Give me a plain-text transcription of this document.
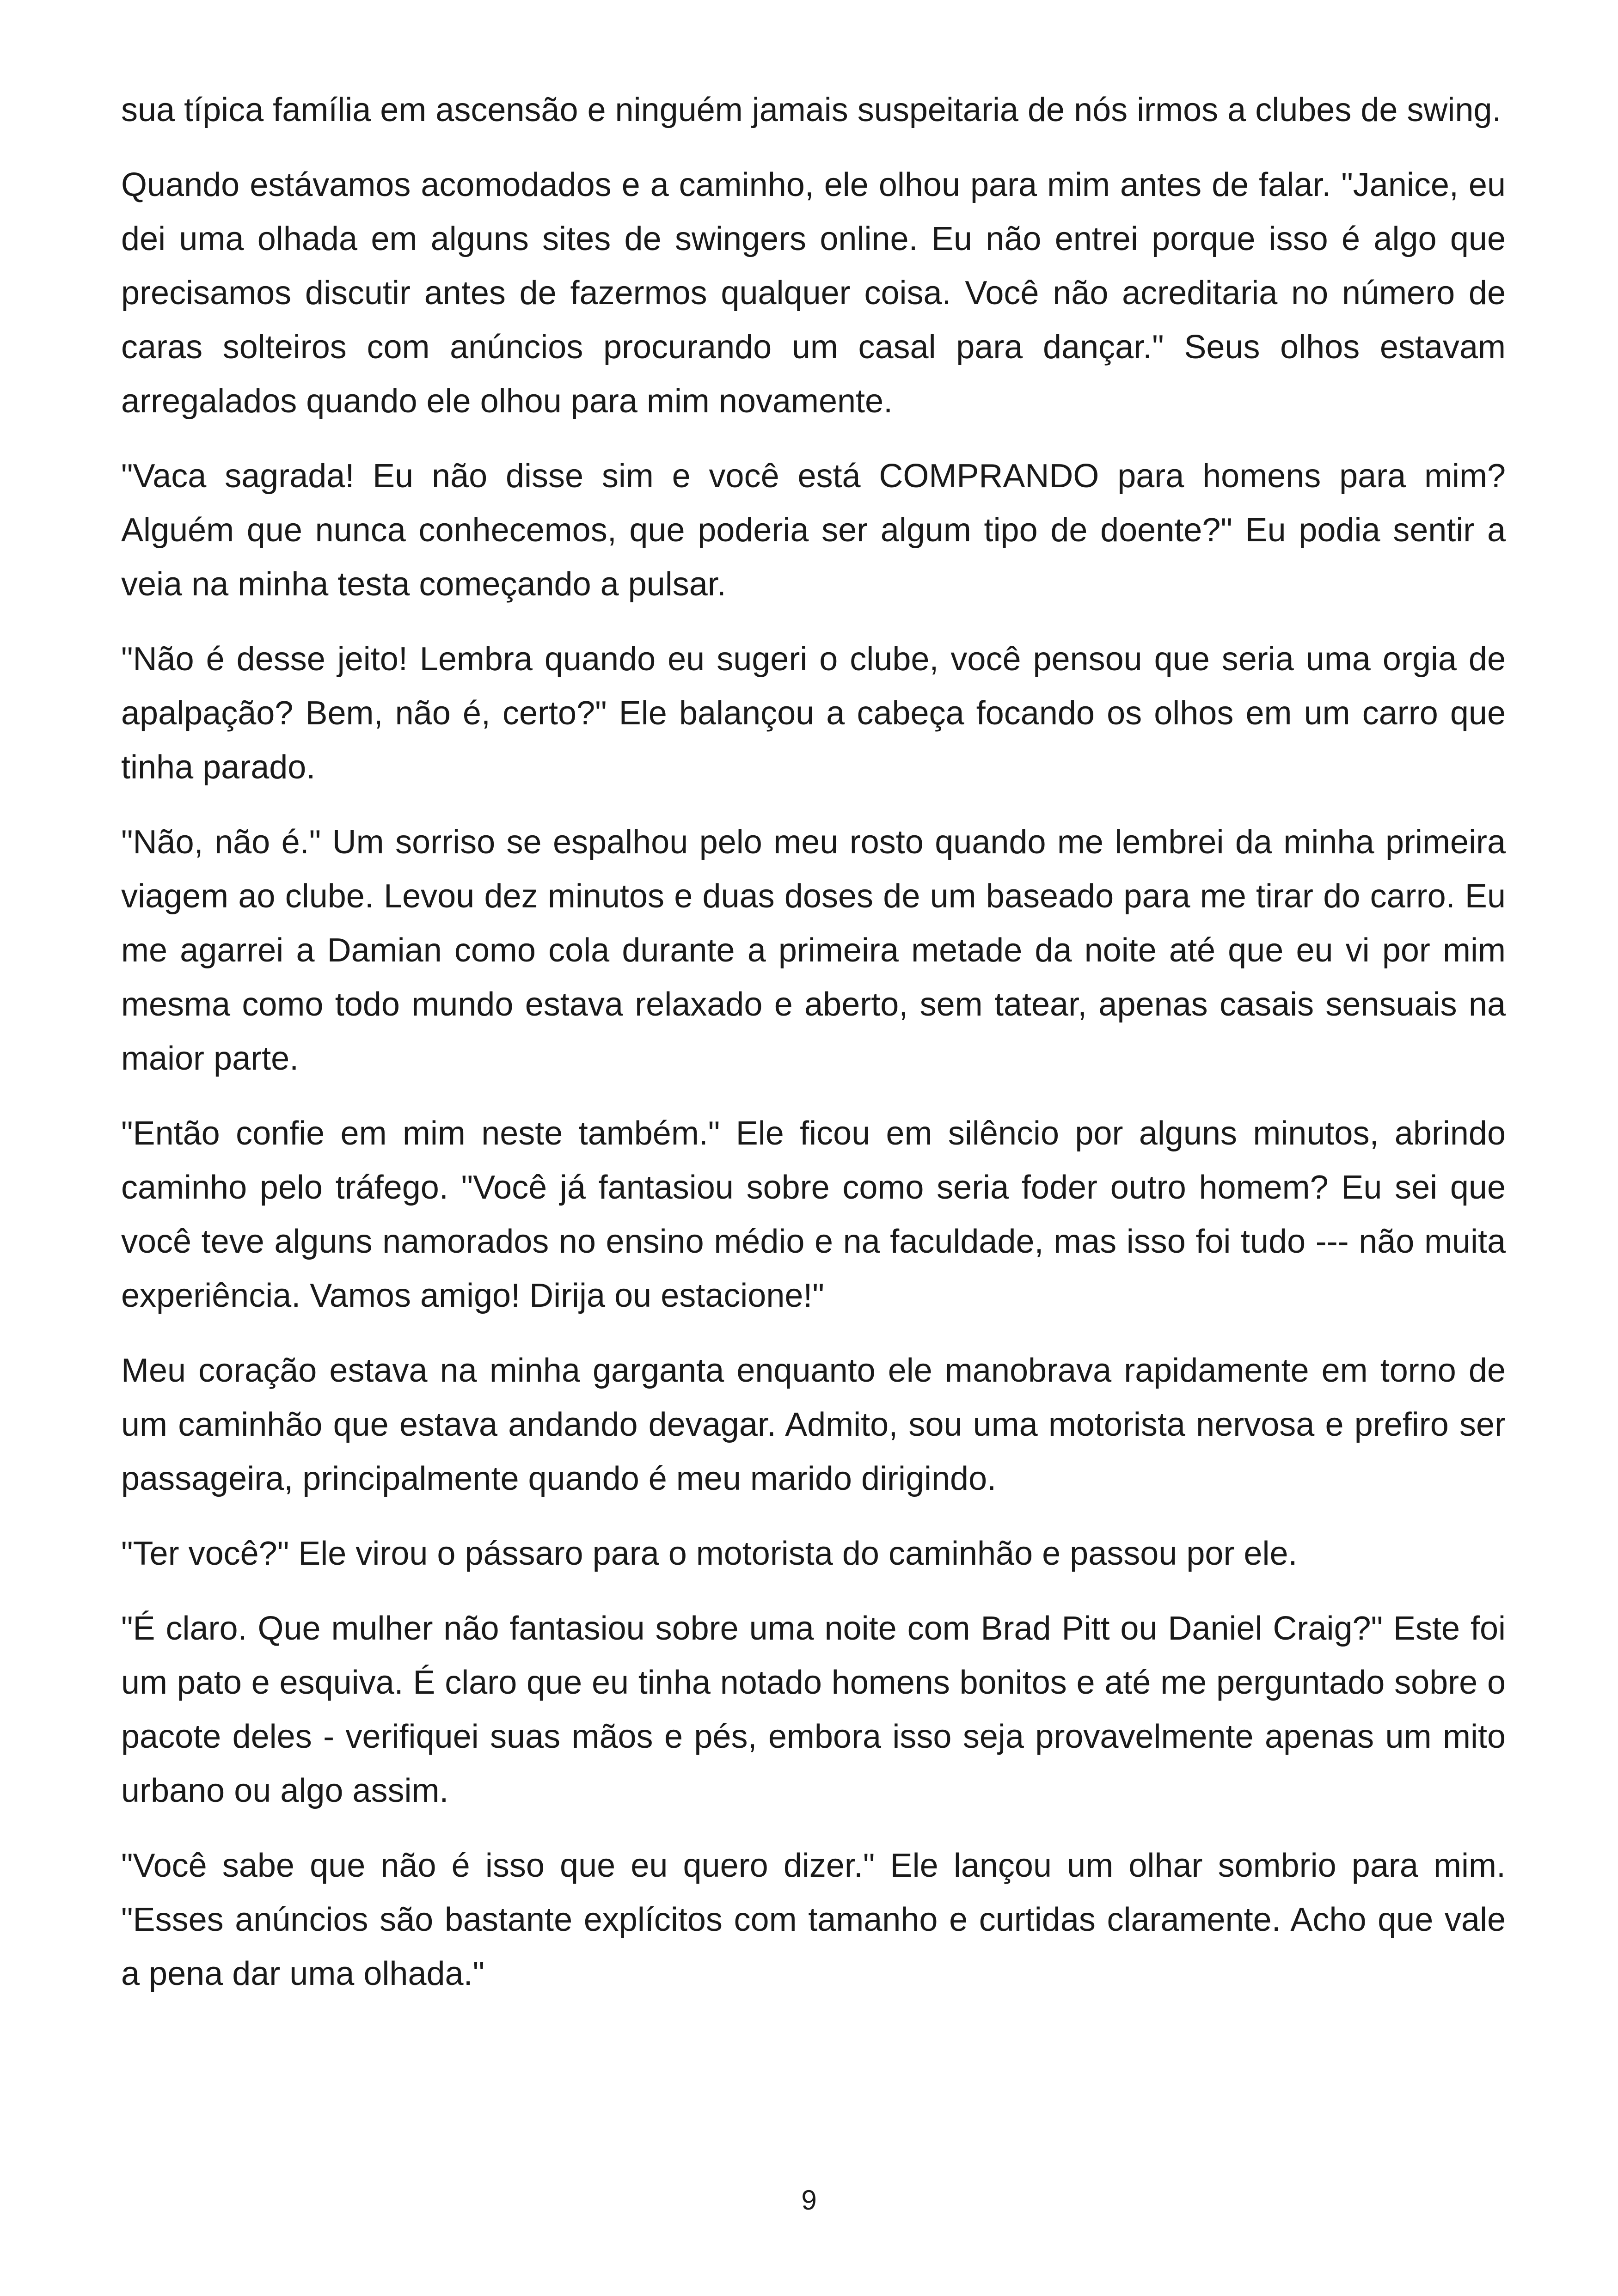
sua típica família em ascensão e ninguém jamais suspeitaria de nós irmos a clubes de swing.

Quando estávamos acomodados e a caminho, ele olhou para mim antes de falar. "Janice, eu dei uma olhada em alguns sites de swingers online. Eu não entrei porque isso é algo que precisamos discutir antes de fazermos qualquer coisa. Você não acreditaria no número de caras solteiros com anúncios procurando um casal para dançar." Seus olhos estavam arregalados quando ele olhou para mim novamente.

"Vaca sagrada! Eu não disse sim e você está COMPRANDO para homens para mim? Alguém que nunca conhecemos, que poderia ser algum tipo de doente?" Eu podia sentir a veia na minha testa começando a pulsar.

"Não é desse jeito! Lembra quando eu sugeri o clube, você pensou que seria uma orgia de apalpação? Bem, não é, certo?" Ele balançou a cabeça focando os olhos em um carro que tinha parado.

"Não, não é." Um sorriso se espalhou pelo meu rosto quando me lembrei da minha primeira viagem ao clube. Levou dez minutos e duas doses de um baseado para me tirar do carro. Eu me agarrei a Damian como cola durante a primeira metade da noite até que eu vi por mim mesma como todo mundo estava relaxado e aberto, sem tatear, apenas casais sensuais na maior parte.

"Então confie em mim neste também." Ele ficou em silêncio por alguns minutos, abrindo caminho pelo tráfego. "Você já fantasiou sobre como seria foder outro homem? Eu sei que você teve alguns namorados no ensino médio e na faculdade, mas isso foi tudo --- não muita experiência. Vamos amigo! Dirija ou estacione!"

Meu coração estava na minha garganta enquanto ele manobrava rapidamente em torno de um caminhão que estava andando devagar. Admito, sou uma motorista nervosa e prefiro ser passageira, principalmente quando é meu marido dirigindo.

"Ter você?" Ele virou o pássaro para o motorista do caminhão e passou por ele.

"É claro. Que mulher não fantasiou sobre uma noite com Brad Pitt ou Daniel Craig?" Este foi um pato e esquiva. É claro que eu tinha notado homens bonitos e até me perguntado sobre o pacote deles - verifiquei suas mãos e pés, embora isso seja provavelmente apenas um mito urbano ou algo assim.

"Você sabe que não é isso que eu quero dizer." Ele lançou um olhar sombrio para mim. "Esses anúncios são bastante explícitos com tamanho e curtidas claramente. Acho que vale a pena dar uma olhada."

9
